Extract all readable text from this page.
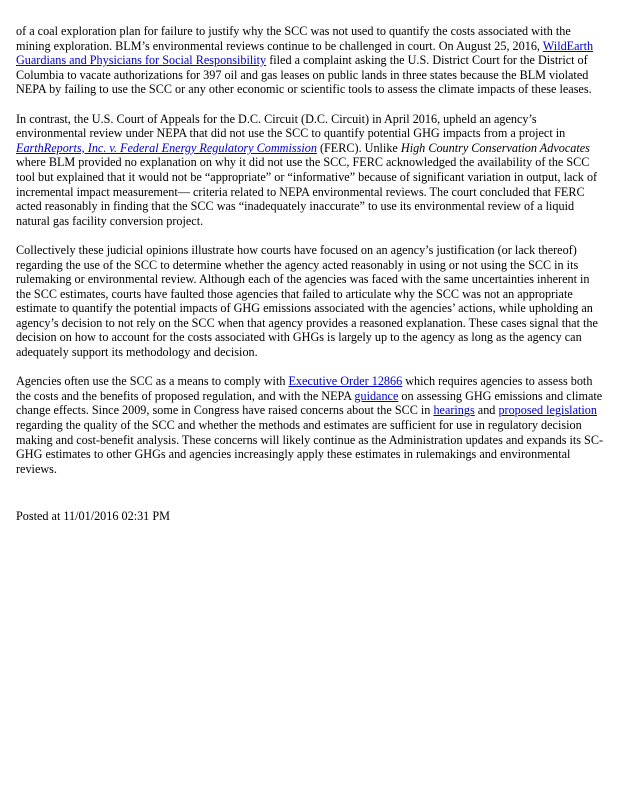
of a coal exploration plan for failure to justify why the SCC was not used to quantify the costs associated with the mining exploration. BLM’s environmental reviews continue to be challenged in court. On August 25, 2016, WildEarth Guardians and Physicians for Social Responsibility filed a complaint asking the U.S. District Court for the District of Columbia to vacate authorizations for 397 oil and gas leases on public lands in three states because the BLM violated NEPA by failing to use the SCC or any other economic or scientific tools to assess the climate impacts of these leases.

In contrast, the U.S. Court of Appeals for the D.C. Circuit (D.C. Circuit) in April 2016, upheld an agency’s environmental review under NEPA that did not use the SCC to quantify potential GHG impacts from a project in EarthReports, Inc. v. Federal Energy Regulatory Commission (FERC). Unlike High Country Conservation Advocates where BLM provided no explanation on why it did not use the SCC, FERC acknowledged the availability of the SCC tool but explained that it would not be “appropriate” or “informative” because of significant variation in output, lack of incremental impact measurement— criteria related to NEPA environmental reviews. The court concluded that FERC acted reasonably in finding that the SCC was “inadequately inaccurate” to use its environmental review of a liquid natural gas facility conversion project.

Collectively these judicial opinions illustrate how courts have focused on an agency’s justification (or lack thereof) regarding the use of the SCC to determine whether the agency acted reasonably in using or not using the SCC in its rulemaking or environmental review. Although each of the agencies was faced with the same uncertainties inherent in the SCC estimates, courts have faulted those agencies that failed to articulate why the SCC was not an appropriate estimate to quantify the potential impacts of GHG emissions associated with the agencies’ actions, while upholding an agency’s decision to not rely on the SCC when that agency provides a reasoned explanation. These cases signal that the decision on how to account for the costs associated with GHGs is largely up to the agency as long as the agency can adequately support its methodology and decision.

Agencies often use the SCC as a means to comply with Executive Order 12866 which requires agencies to assess both the costs and the benefits of proposed regulation, and with the NEPA guidance on assessing GHG emissions and climate change effects. Since 2009, some in Congress have raised concerns about the SCC in hearings and proposed legislation regarding the quality of the SCC and whether the methods and estimates are sufficient for use in regulatory decision making and cost-benefit analysis. These concerns will likely continue as the Administration updates and expands its SC-GHG estimates to other GHGs and agencies increasingly apply these estimates in rulemakings and environmental reviews.

Posted at 11/01/2016 02:31 PM
